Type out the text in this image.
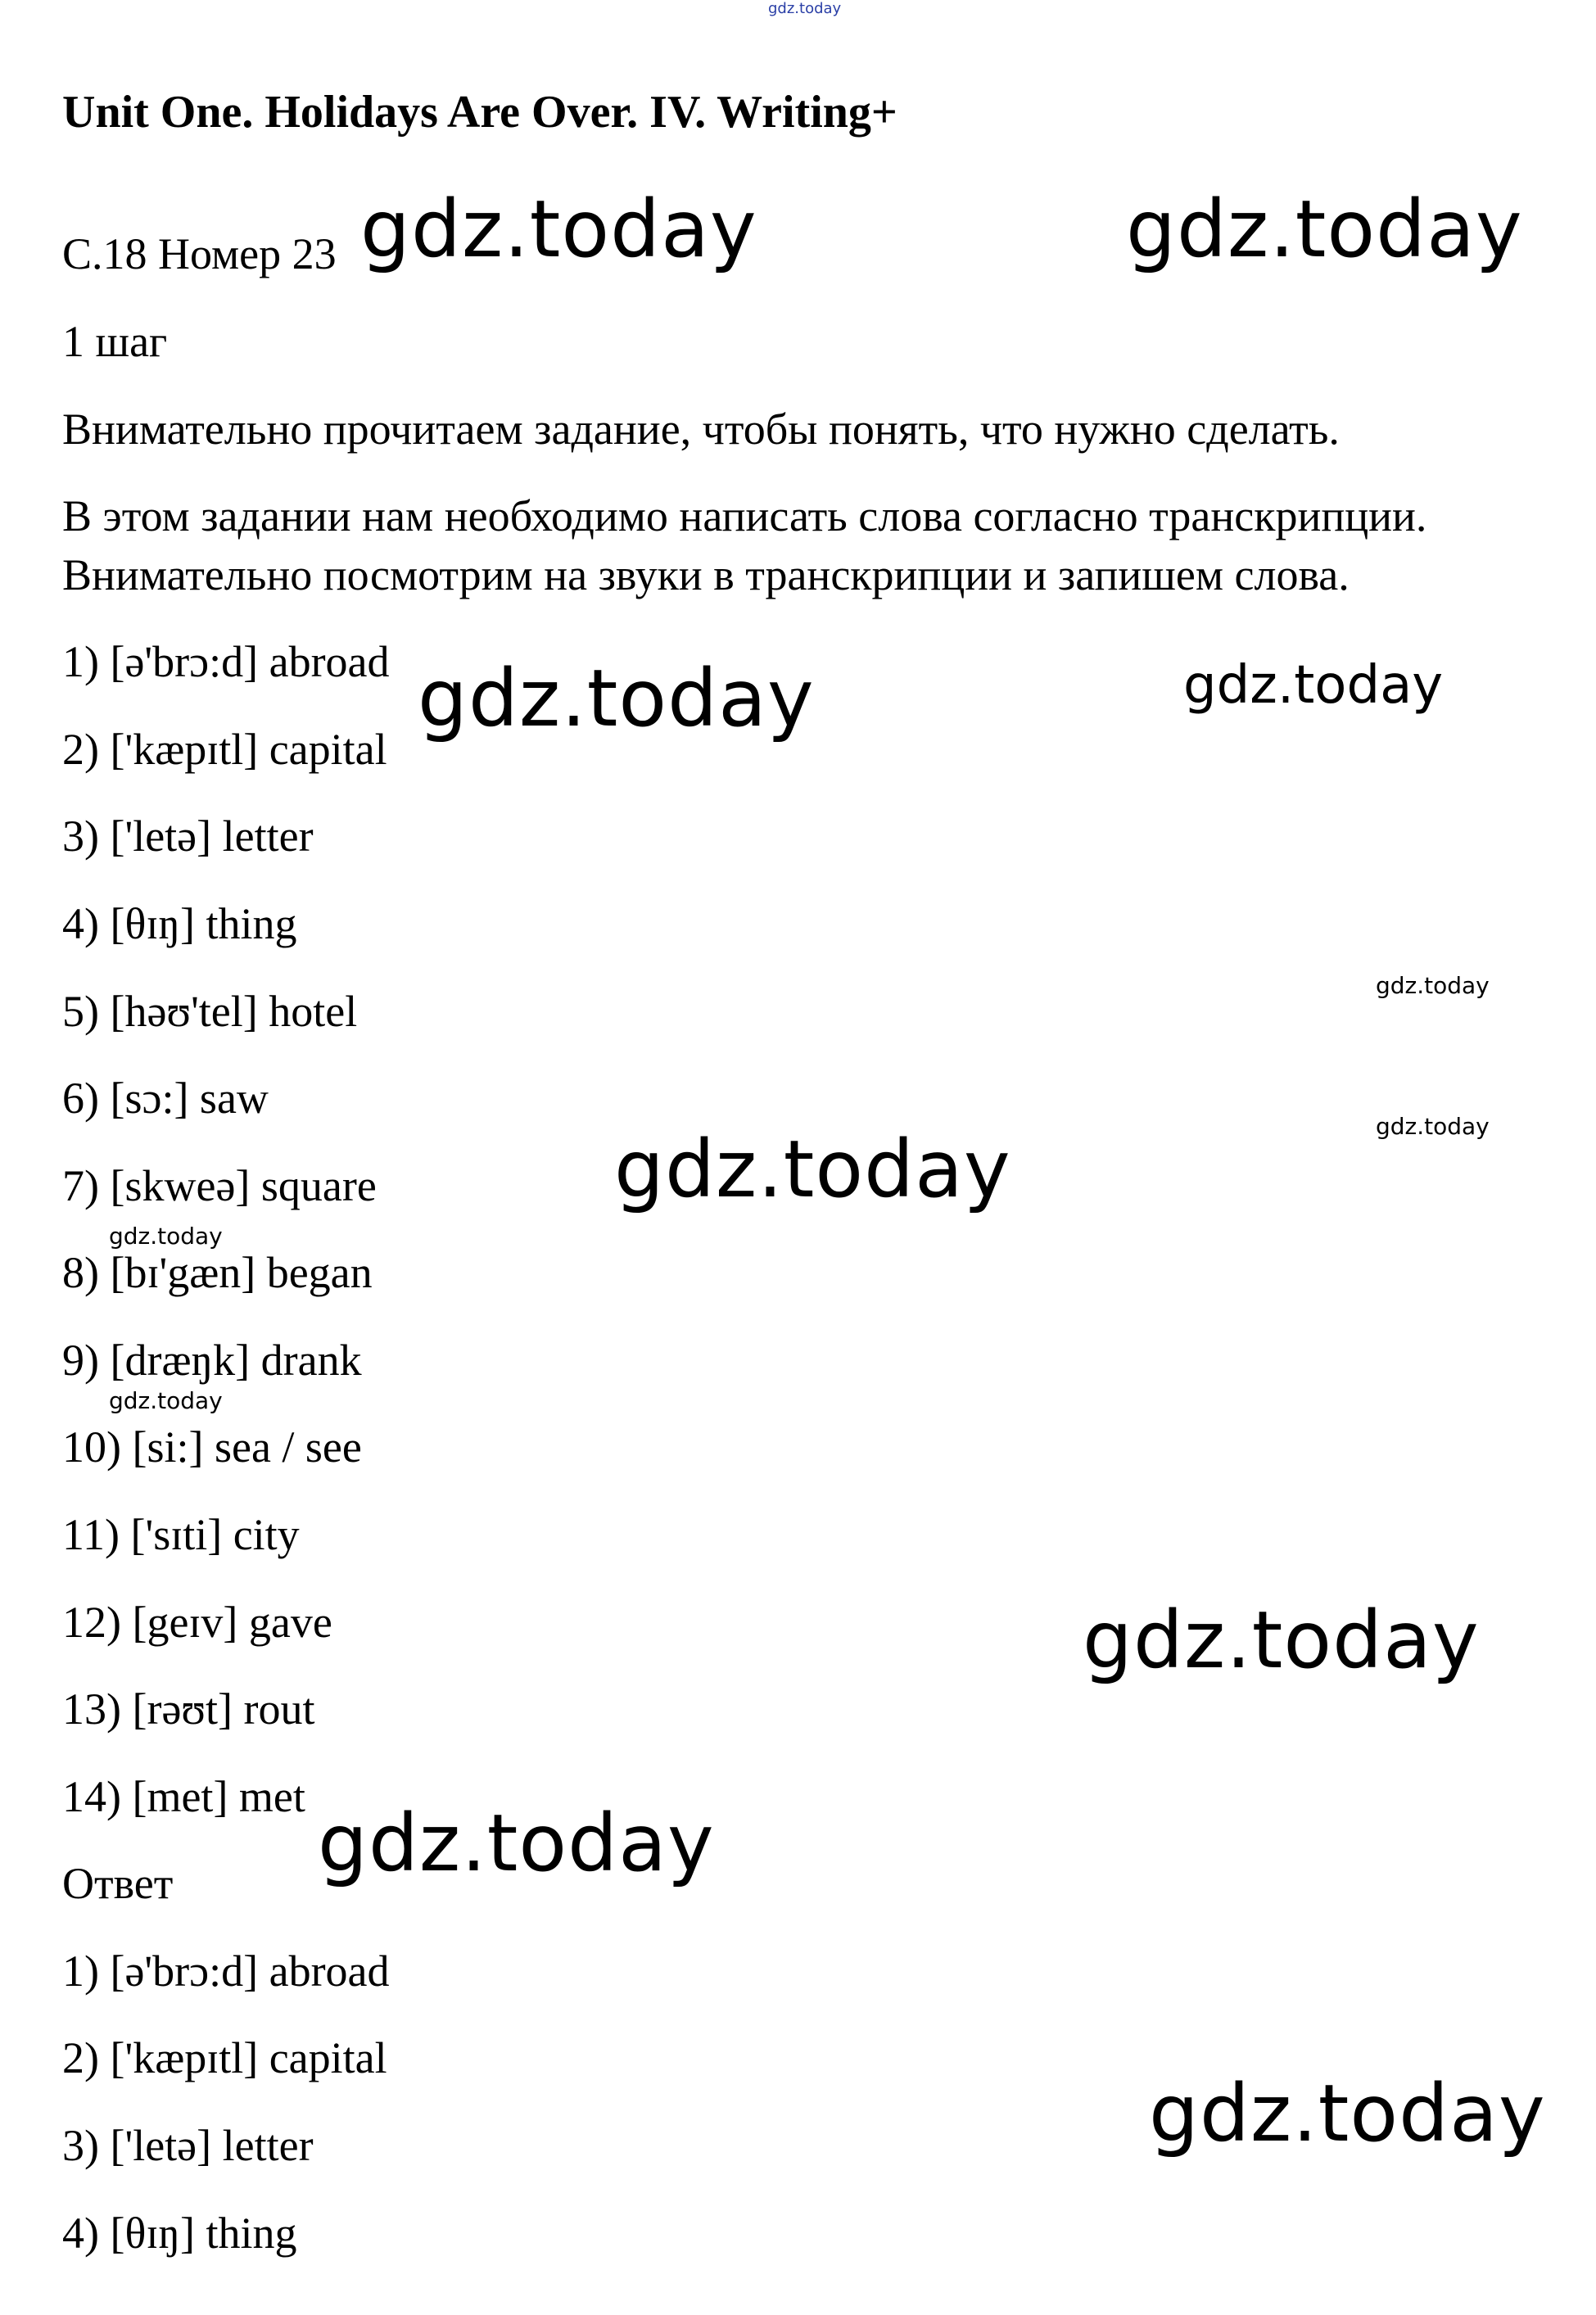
Unit One. Holidays Are Over. IV. Writing+
С.18 Номер 23
1 шаг
Внимательно прочитаем задание, чтобы понять, что нужно сделать.
В этом задании нам необходимо написать слова согласно транскрипции.
Внимательно посмотрим на звуки в транскрипции и запишем слова.
1) [ə'brɔ:d] abroad
2) ['kæpɪtl] capital
3) ['letə] letter
4) [θɪŋ] thing
5) [həʊ'tel] hotel
6) [sɔ:] saw
7) [skweə] square
8) [bɪ'gæn] began
9) [dræŋk] drank
10) [si:] sea / see
11) ['sɪti] city
12) [geɪv] gave
13) [rəʊt] rout
14) [met] met
Ответ
1) [ə'brɔ:d] abroad
2) ['kæpɪtl] capital
3) ['letə] letter
4) [θɪŋ] thing
gdz.today
gdz.today	gdz.today
gdz.today	gdz.today
gdz.today
gdz.today
gdz.today
gdz.today
gdz.today
gdz.today
gdz.today
gdz.today
